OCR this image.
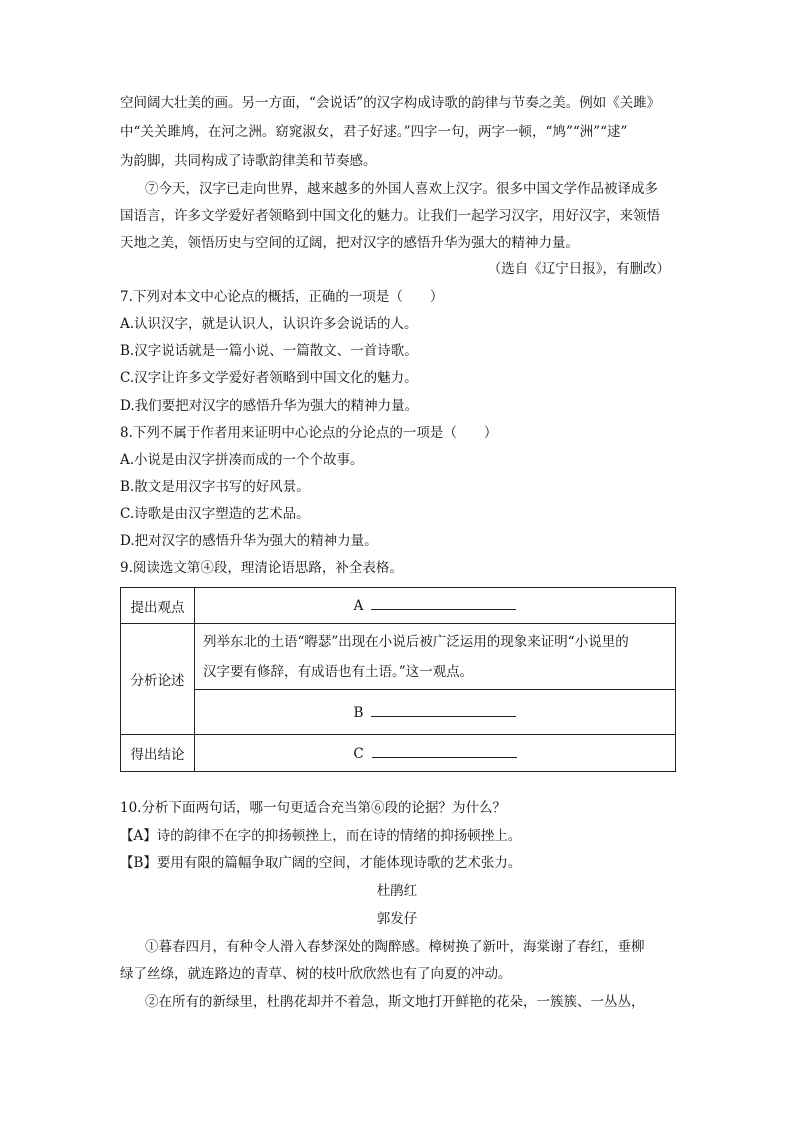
空间阔大壮美的画。另一方面，“会说话”的汉字构成诗歌的韵律与节奏之美。例如《关雎》
中“关关雎鸠，在河之洲。窈窕淑女，君子好逑。”四字一句，两字一顿，“鸠”“洲”“逑”
为韵脚，共同构成了诗歌韵律美和节奏感。
⑦今天，汉字已走向世界，越来越多的外国人喜欢上汉字。很多中国文学作品被译成多
国语言，许多文学爱好者领略到中国文化的魅力。让我们一起学习汉字，用好汉字，来领悟
天地之美，领悟历史与空间的辽阔，把对汉字的感悟升华为强大的精神力量。
（选自《辽宁日报》，有删改）
7.下列对本文中心论点的概括，正确的一项是（　　）
A.认识汉字，就是认识人，认识许多会说话的人。
B.汉字说话就是一篇小说、一篇散文、一首诗歌。
C.汉字让许多文学爱好者领略到中国文化的魅力。
D.我们要把对汉字的感悟升华为强大的精神力量。
8.下列不属于作者用来证明中心论点的分论点的一项是（　　）
A.小说是由汉字拼凑而成的一个个故事。
B.散文是用汉字书写的好风景。
C.诗歌是由汉字塑造的艺术品。
D.把对汉字的感悟升华为强大的精神力量。
9.阅读选文第④段，理清论语思路，补全表格。
提出观点	A
分析论述	列举东北的土语“嘚瑟”出现在小说后被广泛运用的现象来证明“小说里的
汉字要有修辞，有成语也有土语。”这一观点。

	B
得出结论	C
10.分析下面两句话，哪一句更适合充当第⑥段的论据？为什么？
【A】诗的韵律不在字的抑扬顿挫上，而在诗的情绪的抑扬顿挫上。
【B】要用有限的篇幅争取广阔的空间，才能体现诗歌的艺术张力。
杜鹃红
郭发仔
①暮春四月，有种令人滑入春梦深处的陶醉感。樟树换了新叶，海棠谢了春红，垂柳
绿了丝绦，就连路边的青草、树的枝叶欣欣然也有了向夏的冲动。
②在所有的新绿里，杜鹃花却并不着急，斯文地打开鲜艳的花朵，一簇簇、一丛丛，
